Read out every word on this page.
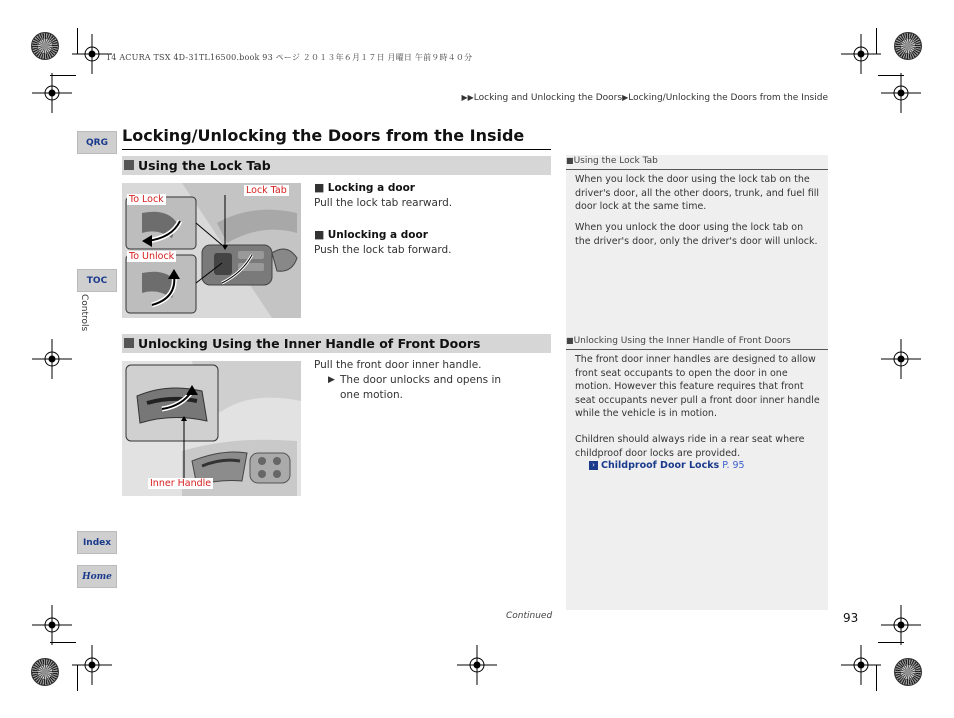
14 ACURA TSX 4D-31TL16500.book 93 ページ ２０１３年６月１７日 月曜日 午前９時４０分
▶▶Locking and Unlocking the Doors▶Locking/Unlocking the Doors from the Inside
QRG
TOC
Controls
Index
Home
Locking/Unlocking the Doors from the Inside
Using the Lock Tab
To Lock
Lock Tab
To Unlock
■ Locking a door
Pull the lock tab rearward.
■ Unlocking a door
Push the lock tab forward.
Unlocking Using the Inner Handle of Front Doors
Inner Handle
Pull the front door inner handle.
▶ The door unlocks and opens in one motion.
■Using the Lock Tab
When you lock the door using the lock tab on the driver's door, all the other doors, trunk, and fuel fill door lock at the same time.
When you unlock the door using the lock tab on the driver's door, only the driver's door will unlock.
■Unlocking Using the Inner Handle of Front Doors
The front door inner handles are designed to allow front seat occupants to open the door in one motion. However this feature requires that front seat occupants never pull a front door inner handle while the vehicle is in motion.
Children should always ride in a rear seat where childproof door locks are provided.
› Childproof Door Locks P. 95
Continued	93
